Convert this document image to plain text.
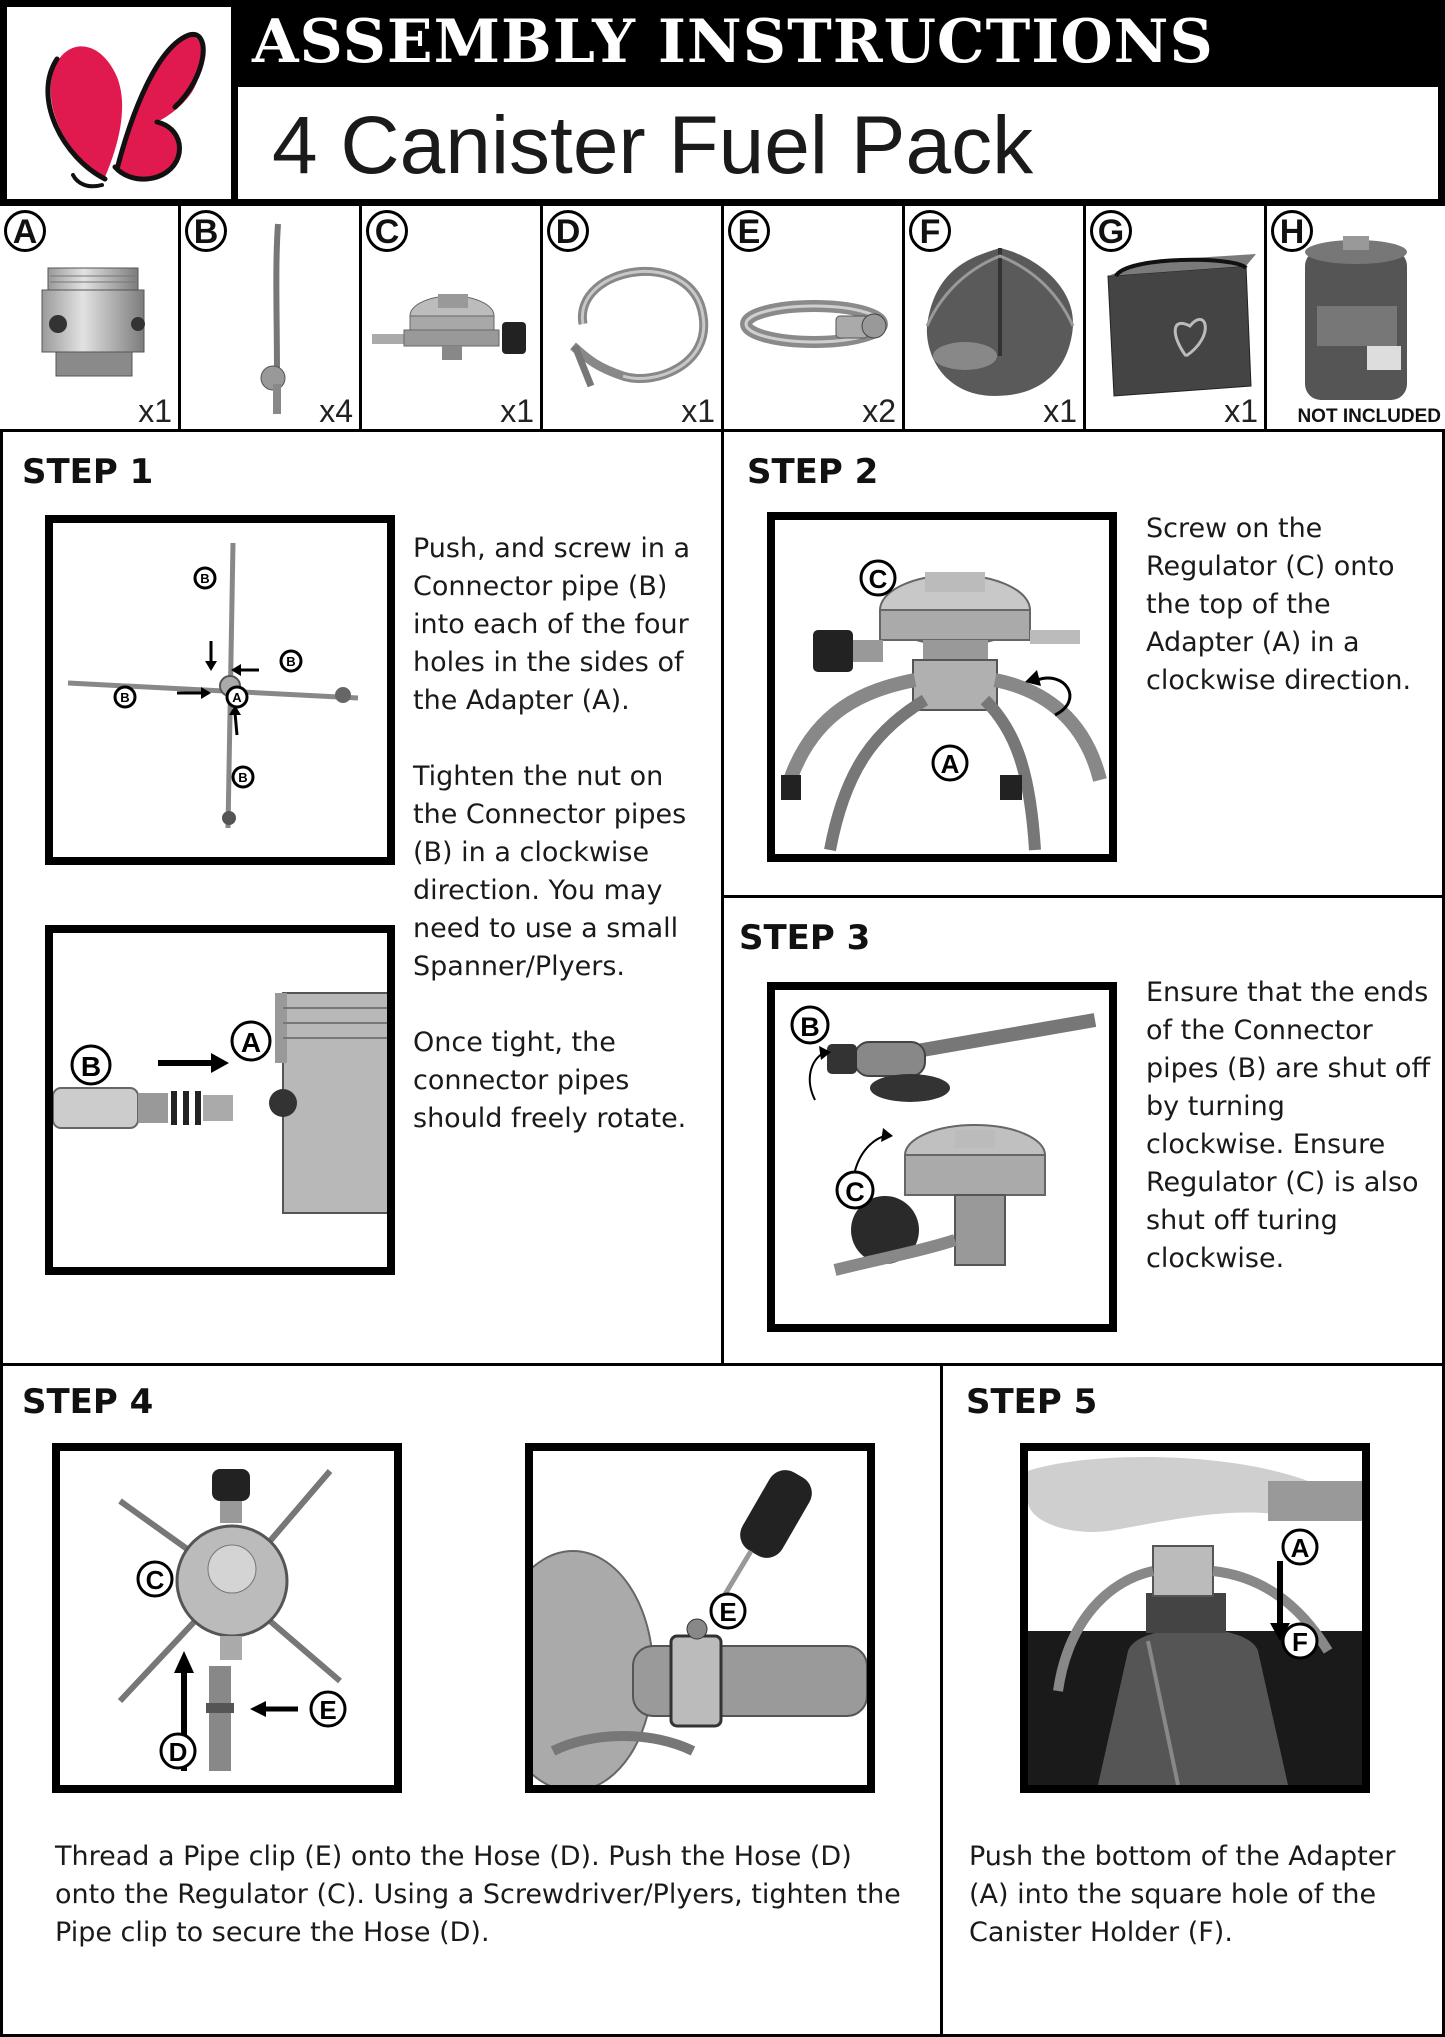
ASSEMBLY INSTRUCTIONS
4 Canister Fuel Pack
A
x1
B
x4
C
x1
D
x1
E
x2
F
x1
G
x1
H
NOT INCLUDED
STEP 1
B
B
B	A
B
B
A

Push, and screw in a Connector pipe (B) into each of the four holes in the sides of the Adapter (A).

Tighten the nut on the Connector pipes (B) in a clockwise direction. You may need to use a small Spanner/Plyers.

Once tight, the connector pipes should freely rotate.

STEP 2
C
A
Screw on the Regulator (C) onto the top of the Adapter (A) in a clockwise direction.
STEP 3
B
C
Ensure that the ends of the Connector pipes (B) are shut off by turning clockwise. Ensure Regulator (C) is also shut off turing clockwise.
STEP 4
C
D
E
E
Thread a Pipe clip (E) onto the Hose (D). Push the Hose (D) onto the Regulator (C). Using a Screwdriver/Plyers, tighten the Pipe clip to secure the Hose (D).
STEP 5
A
F
Push the bottom of the Adapter (A) into the square hole of the Canister Holder (F).
